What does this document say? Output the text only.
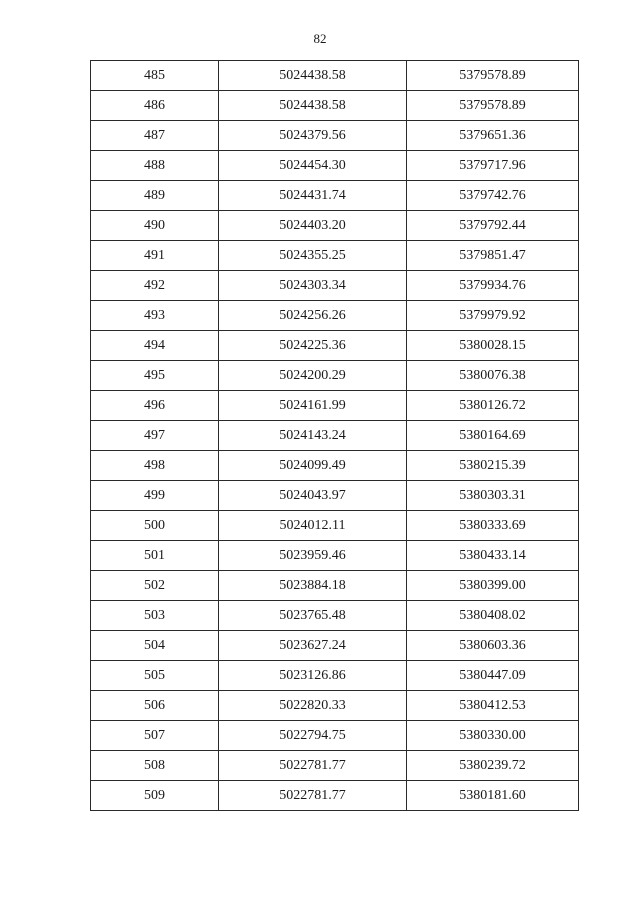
82
485	5024438.58	5379578.89
486	5024438.58	5379578.89
487	5024379.56	5379651.36
488	5024454.30	5379717.96
489	5024431.74	5379742.76
490	5024403.20	5379792.44
491	5024355.25	5379851.47
492	5024303.34	5379934.76
493	5024256.26	5379979.92
494	5024225.36	5380028.15
495	5024200.29	5380076.38
496	5024161.99	5380126.72
497	5024143.24	5380164.69
498	5024099.49	5380215.39
499	5024043.97	5380303.31
500	5024012.11	5380333.69
501	5023959.46	5380433.14
502	5023884.18	5380399.00
503	5023765.48	5380408.02
504	5023627.24	5380603.36
505	5023126.86	5380447.09
506	5022820.33	5380412.53
507	5022794.75	5380330.00
508	5022781.77	5380239.72
509	5022781.77	5380181.60
